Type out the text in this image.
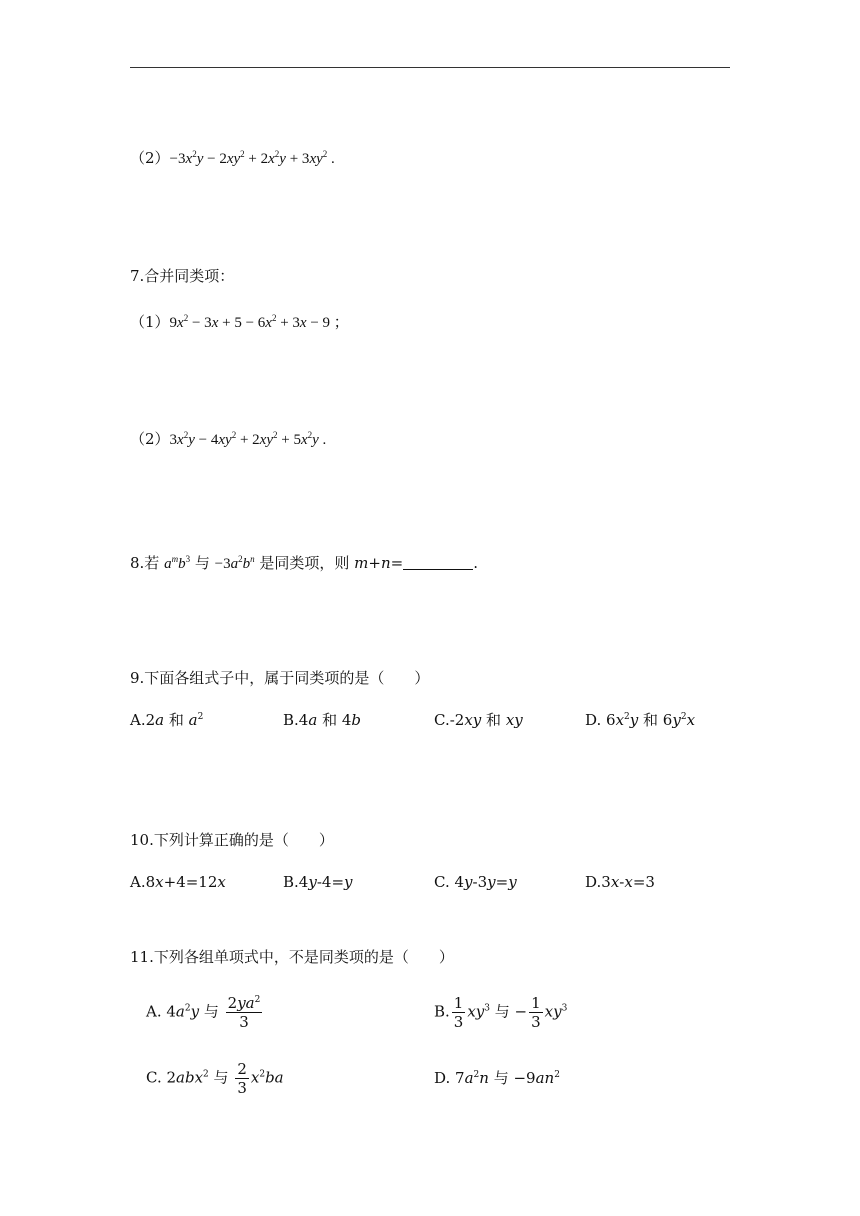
$(2)-3x^2y - 2xy^2 + 2x^2y + 3xy^2$ .
7.合并同类项：
$(1)9x^2 - 3x + 5 - 6x^2 + 3x - 9$ ；
$(2)3x^2y - 4xy^2 + 2xy^2 + 5x^2y$ .
8.若 $a^mb^3$ 与 $-3a^2b^n$ 是同类项，则 m+n=	.
9.下面各组式子中，属于同类项的是（　　）
A.2a 和 $a^2$	B.4a 和 4b	C.-2xy 和 xy	D. $6x^2y$ 和 $6y^2x$
10.下列计算正确的是（　　）
A.8x+4=12x	B.4y-4=y	C. 4y-3y=y	D.3x-x=3
11.下列各组单项式中，不是同类项的是（　　）
A. $4a^2y$ 与 $\frac{2ya^2}{3}$	B. $\frac{1}{3} xy^3$ 与 − $\frac{1}{3} xy^3$
C. 2abx$^2$ 与 $\frac{2}{3} x^2ba$	D. $7a^2n$ 与 $-9an^2$
